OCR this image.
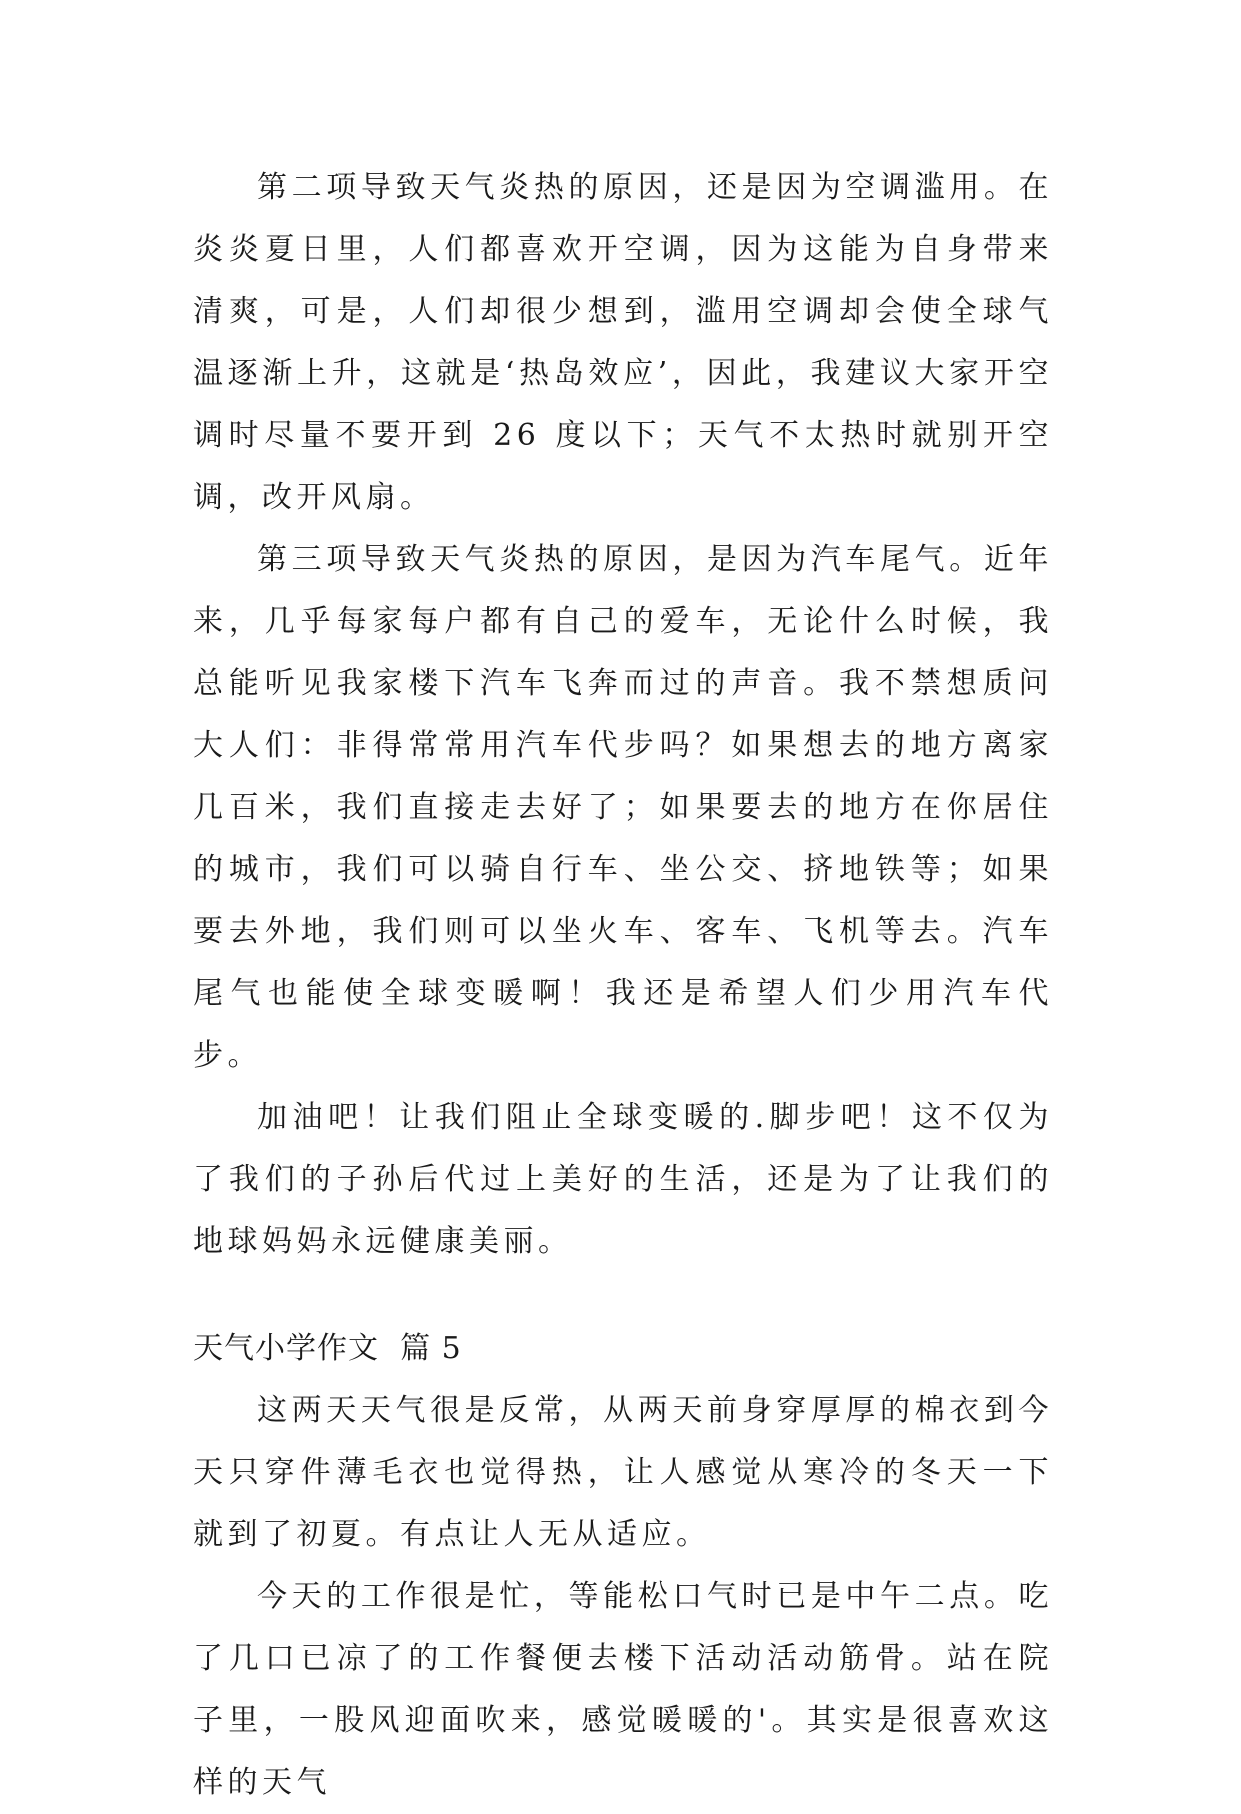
第二项导致天气炎热的原因，还是因为空调滥用。在炎炎夏日里，人们都喜欢开空调，因为这能为自身带来清爽，可是，人们却很少想到，滥用空调却会使全球气温逐渐上升，这就是‘热岛效应’，因此，我建议大家开空调时尽量不要开到 26 度以下；天气不太热时就别开空调，改开风扇。

第三项导致天气炎热的原因，是因为汽车尾气。近年来，几乎每家每户都有自己的爱车，无论什么时候，我总能听见我家楼下汽车飞奔而过的声音。我不禁想质问大人们：非得常常用汽车代步吗？如果想去的地方离家几百米，我们直接走去好了；如果要去的地方在你居住的城市，我们可以骑自行车、坐公交、挤地铁等；如果要去外地，我们则可以坐火车、客车、飞机等去。汽车尾气也能使全球变暖啊！我还是希望人们少用汽车代步。

加油吧！让我们阻止全球变暖的.脚步吧！这不仅为了我们的子孙后代过上美好的生活，还是为了让我们的地球妈妈永远健康美丽。

天气小学作文  篇 5

这两天天气很是反常，从两天前身穿厚厚的棉衣到今天只穿件薄毛衣也觉得热，让人感觉从寒冷的冬天一下就到了初夏。有点让人无从适应。

今天的工作很是忙，等能松口气时已是中午二点。吃了几口已凉了的工作餐便去楼下活动活动筋骨。站在院子里，一股风迎面吹来，感觉暖暖的'。其实是很喜欢这样的天气
